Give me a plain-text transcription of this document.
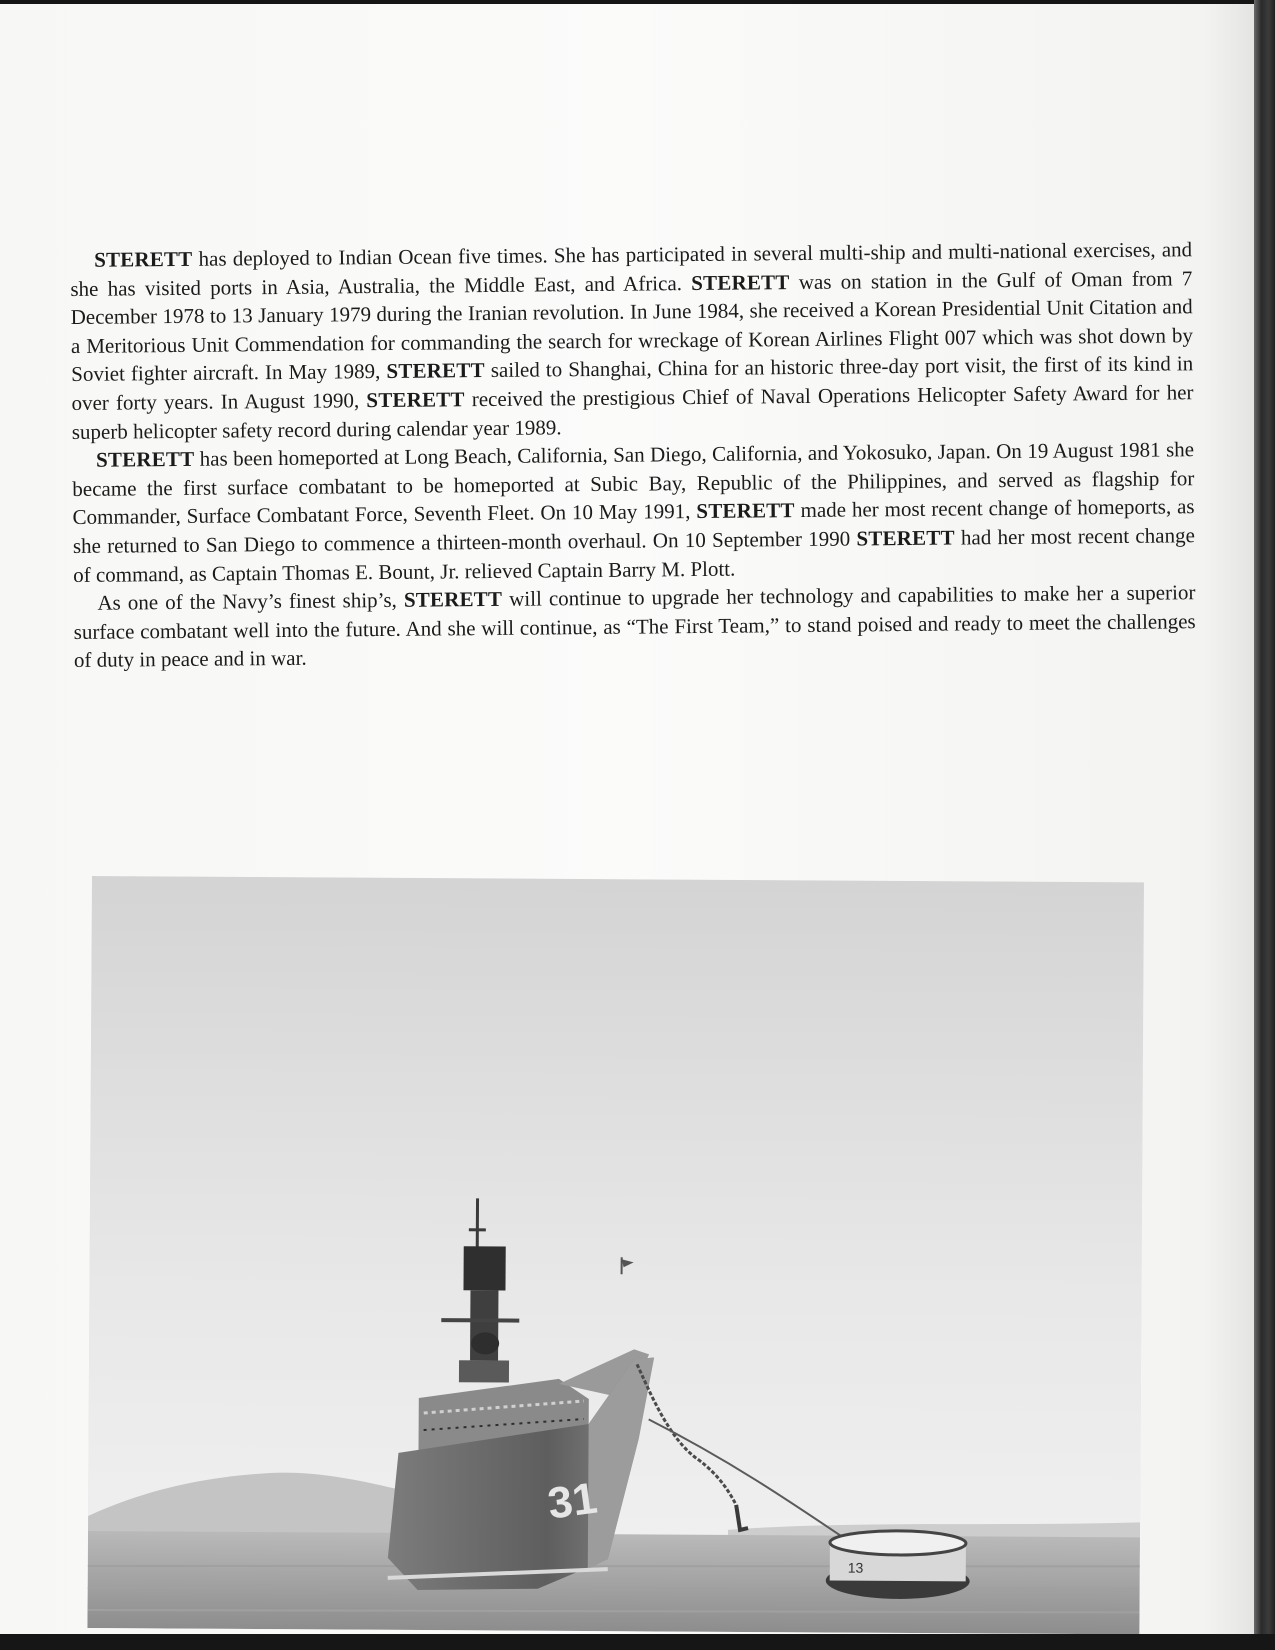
STERETT has deployed to Indian Ocean five times. She has participated in several multi-ship and multi-national exercises, and she has visited ports in Asia, Australia, the Middle East, and Africa. STERETT was on station in the Gulf of Oman from 7 December 1978 to 13 January 1979 during the Iranian revolution. In June 1984, she received a Korean Presidential Unit Citation and a Meritorious Unit Commendation for commanding the search for wreckage of Korean Airlines Flight 007 which was shot down by Soviet fighter aircraft. In May 1989, STERETT sailed to Shanghai, China for an historic three-day port visit, the first of its kind in over forty years. In August 1990, STERETT received the prestigious Chief of Naval Operations Helicopter Safety Award for her superb helicopter safety record during calendar year 1989.

STERETT has been homeported at Long Beach, California, San Diego, California, and Yokosuko, Japan. On 19 August 1981 she became the first surface combatant to be homeported at Subic Bay, Republic of the Philippines, and served as flagship for Commander, Surface Combatant Force, Seventh Fleet. On 10 May 1991, STERETT made her most recent change of homeports, as she returned to San Diego to commence a thirteen-month overhaul. On 10 September 1990 STERETT had her most recent change of command, as Captain Thomas E. Bount, Jr. relieved Captain Barry M. Plott.

As one of the Navy’s finest ship’s, STERETT will continue to upgrade her technology and capabilities to make her a superior surface combatant well into the future. And she will continue, as “The First Team,” to stand poised and ready to meet the challenges of duty in peace and in war.

31
13
